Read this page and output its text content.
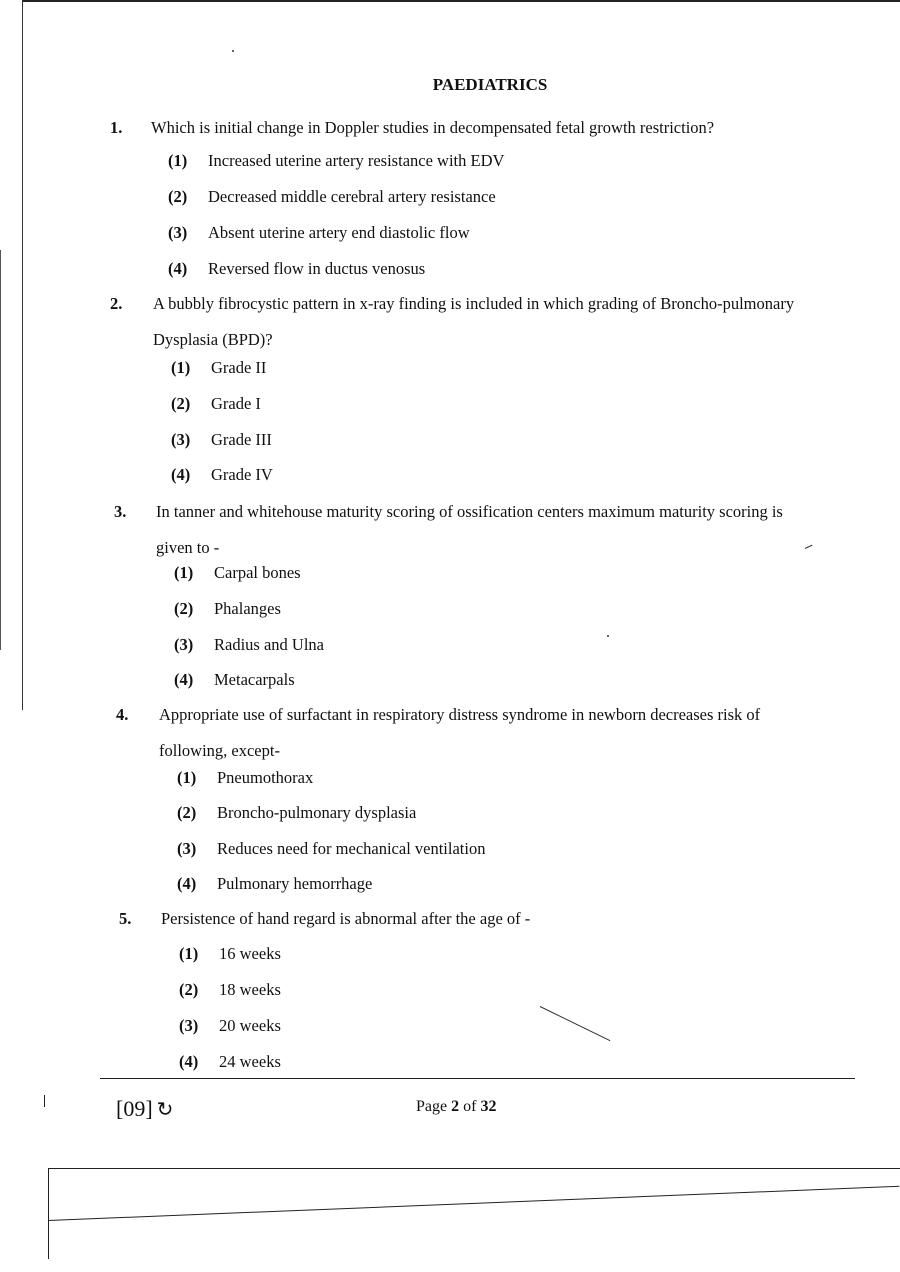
PAEDIATRICS
1. Which is initial change in Doppler studies in decompensated fetal growth restriction?
(1) Increased uterine artery resistance with EDV
(2) Decreased middle cerebral artery resistance
(3) Absent uterine artery end diastolic flow
(4) Reversed flow in ductus venosus
2. A bubbly fibrocystic pattern in x-ray finding is included in which grading of Broncho-pulmonary
Dysplasia (BPD)?
(1) Grade II
(2) Grade I
(3) Grade III
(4) Grade IV
3. In tanner and whitehouse maturity scoring of ossification centers maximum maturity scoring is
given to -
(1) Carpal bones
(2) Phalanges
(3) Radius and Ulna
(4) Metacarpals
4. Appropriate use of surfactant in respiratory distress syndrome in newborn decreases risk of
following, except-
(1) Pneumothorax
(2) Broncho-pulmonary dysplasia
(3) Reduces need for mechanical ventilation
(4) Pulmonary hemorrhage
5. Persistence of hand regard is abnormal after the age of -
(1) 16 weeks
(2) 18 weeks
(3) 20 weeks
(4) 24 weeks
[09] ↻	Page 2 of 32
